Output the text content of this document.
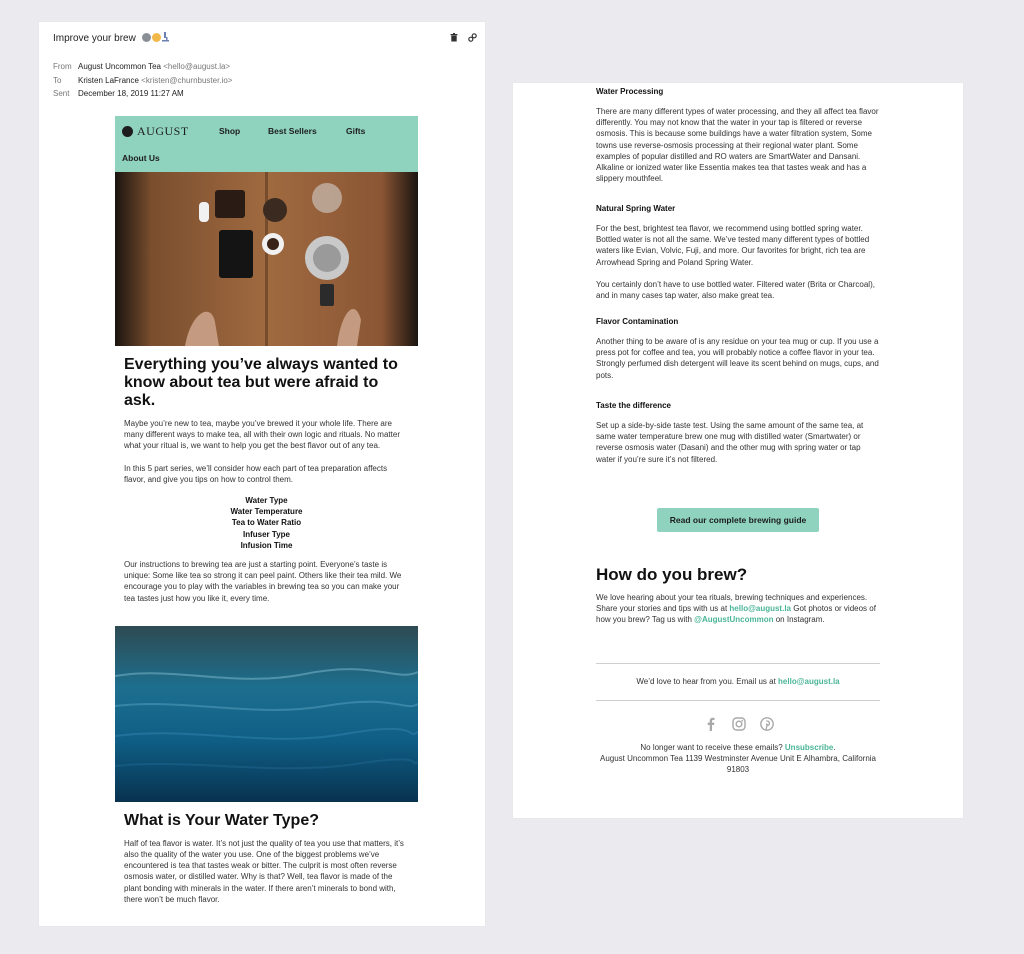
Improve your brew
From August Uncommon Tea <hello@august.la>
To	Kristen LaFrance <kristen@churnbuster.io>
Sent	December 18, 2019 11:27 AM
AUGUST	Shop	Best Sellers	Gifts
About Us
Everything you’ve always wanted to know about tea but were afraid to ask.

Maybe you’re new to tea, maybe you’ve brewed it your whole life. There are many different ways to make tea, all with their own logic and rituals. No matter what your ritual is, we want to help you get the best flavor out of any tea.

In this 5 part series, we’ll consider how each part of tea preparation affects flavor, and give you tips on how to control them.

Water Type
Water Temperature
Tea to Water Ratio
Infuser Type
Infusion Time

Our instructions to brewing tea are just a starting point. Everyone’s taste is unique: Some like tea so strong it can peel paint. Others like their tea mild. We encourage you to play with the variables in brewing tea so you can make your tea tastes just how you like it, every time.

What is Your Water Type?

Half of tea flavor is water. It’s not just the quality of tea you use that matters, it’s also the quality of the water you use. One of the biggest problems we’ve encountered is tea that tastes weak or bitter. The culprit is most often reverse osmosis water, or distilled water. Why is that? Well, tea flavor is made of the plant bonding with minerals in the water. If there aren’t minerals to bond with, there won’t be much flavor.

Water Processing

There are many different types of water processing, and they all affect tea flavor differently. You may not know that the water in your tap is filtered or reverse osmosis. This is because some buildings have a water filtration system, Some towns use reverse-osmosis processing at their regional water plant. Some examples of popular distilled and RO waters are SmartWater and Dansani. Alkaline or ionized water like Essentia makes tea that tastes weak and has a slippery mouthfeel.

Natural Spring Water

For the best, brightest tea flavor, we recommend using bottled spring water. Bottled water is not all the same. We’ve tested many different types of bottled waters like Evian, Volvic, Fuji, and more. Our favorites for bright, rich tea are Arrowhead Spring and Poland Spring Water.

You certainly don’t have to use bottled water. Filtered water (Brita or Charcoal), and in many cases tap water, also make great tea.

Flavor Contamination

Another thing to be aware of is any residue on your tea mug or cup. If you use a press pot for coffee and tea, you will probably notice a coffee flavor in your tea. Strongly perfumed dish detergent will leave its scent behind on mugs, cups, and pots.

Taste the difference

Set up a side-by-side taste test. Using the same amount of the same tea, at same water temperature brew one mug with distilled water (Smartwater) or reverse osmosis water (Dasani) and the other mug with spring water or tap water if you’re sure it’s not filtered.

Read our complete brewing guide
How do you brew?

We love hearing about your tea rituals, brewing techniques and experiences. Share your stories and tips with us at hello@august.la Got photos or videos of how you brew? Tag us with @AugustUncommon on Instagram.

We’d love to hear from you. Email us at hello@august.la
No longer want to receive these emails? Unsubscribe.
August Uncommon Tea 1139 Westminster Avenue Unit E Alhambra, California 91803
